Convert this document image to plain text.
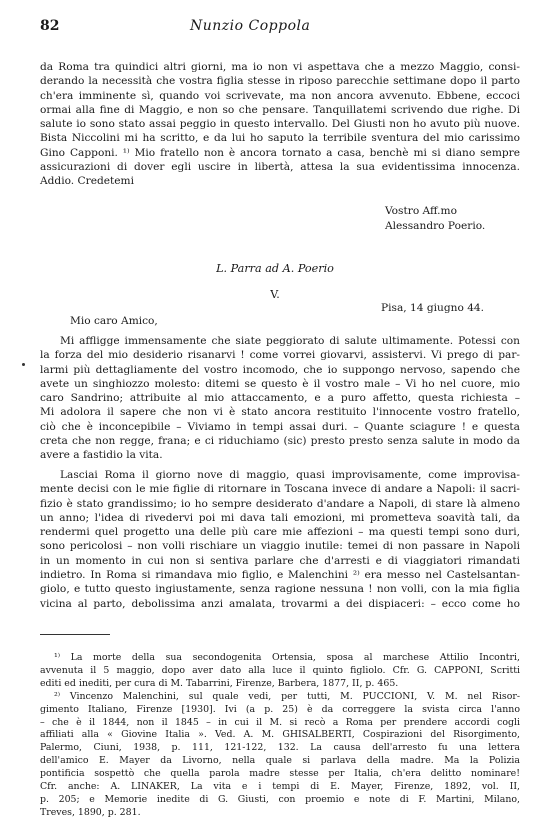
82	Nunzio Coppola
da Roma tra quindici altri giorni, ma io non vi aspettava che a mezzo Maggio, consi-
derando la necessità che vostra figlia stesse in riposo parecchie settimane dopo il parto
ch'era imminente sì, quando voi scrivevate, ma non ancora avvenuto. Ebbene, eccoci
ormai alla fine di Maggio, e non so che pensare. Tanquillatemi scrivendo due righe. Di
salute io sono stato assai peggio in questo intervallo. Del Giusti non ho avuto più nuove.
Bista Niccolini mi ha scritto, e da lui ho saputo la terribile sventura del mio carissimo
Gino Capponi. ¹⁾ Mio fratello non è ancora tornato a casa, benchè mi si diano sempre
assicurazioni di dover egli uscire in libertà, attesa la sua evidentissima innocenza.
Addio. Credetemi
Vostro Aff.mo
Alessandro Poerio.
L. Parra ad A. Poerio
V.
Pisa, 14 giugno 44.
Mio caro Amico,
Mi affligge immensamente che siate peggiorato di salute ultimamente. Potessi con
la forza del mio desiderio risanarvi ! come vorrei giovarvi, assistervi. Vi prego di par-
larmi più dettagliamente del vostro incomodo, che io suppongo nervoso, sapendo che
avete un singhiozzo molesto: ditemi se questo è il vostro male – Vi ho nel cuore, mio
caro Sandrino; attribuite al mio attaccamento, e a puro affetto, questa richiesta –
Mi adolora il sapere che non vi è stato ancora restituito l'innocente vostro fratello,
ciò che è inconcepibile – Viviamo in tempi assai duri. – Quante sciagure ! e questa
creta che non regge, frana; e ci riduchiamo (sic) presto presto senza salute in modo da
avere a fastidio la vita.
Lasciai Roma il giorno nove di maggio, quasi improvisamente, come improvisa-
mente decisi con le mie figlie di ritornare in Toscana invece di andare a Napoli: il sacri-
fizio è stato grandissimo; io ho sempre desiderato d'andare a Napoli, di stare là almeno
un anno; l'idea di rivedervi poi mi dava tali emozioni, mi prometteva soavità tali, da
rendermi quel progetto una delle più care mie affezioni – ma questi tempi sono duri,
sono pericolosi – non volli rischiare un viaggio inutile: temei di non passare in Napoli
in un momento in cui non si sentiva parlare che d'arresti e di viaggiatori rimandati
indietro. In Roma si rimandava mio figlio, e Malenchini ²⁾ era messo nel Castelsantan-
giolo, e tutto questo ingiustamente, senza ragione nessuna ! non volli, con la mia figlia
vicina al parto, debolissima anzi amalata, trovarmi a dei dispiaceri: – ecco come ho
¹⁾ La morte della sua secondogenita Ortensia, sposa al marchese Attilio Incontri,
avvenuta il 5 maggio, dopo aver dato alla luce il quinto figliolo. Cfr. G. CAPPONI, Scritti
editi ed inediti, per cura di M. Tabarrini, Firenze, Barbera, 1877, II, p. 465.
²⁾ Vincenzo Malenchini, sul quale vedi, per tutti, M. PUCCIONI, V. M. nel Risor-
gimento Italiano, Firenze [1930]. Ivi (a p. 25) è da correggere la svista circa l'anno
– che è il 1844, non il 1845 – in cui il M. si recò a Roma per prendere accordi cogli
affiliati alla « Giovine Italia ». Ved. A. M. GHISALBERTI, Cospirazioni del Risorgimento,
Palermo, Ciuni, 1938, p. 111, 121-122, 132. La causa dell'arresto fu una lettera
dell'amico E. Mayer da Livorno, nella quale si parlava della madre. Ma la Polizia
pontificia sospettò che quella parola madre stesse per Italia, ch'era delitto nominare!
Cfr. anche: A. LINAKER, La vita e i tempi di E. Mayer, Firenze, 1892, vol. II,
p. 205; e Memorie inedite di G. Giusti, con proemio e note di F. Martini, Milano,
Treves, 1890, p. 281.
